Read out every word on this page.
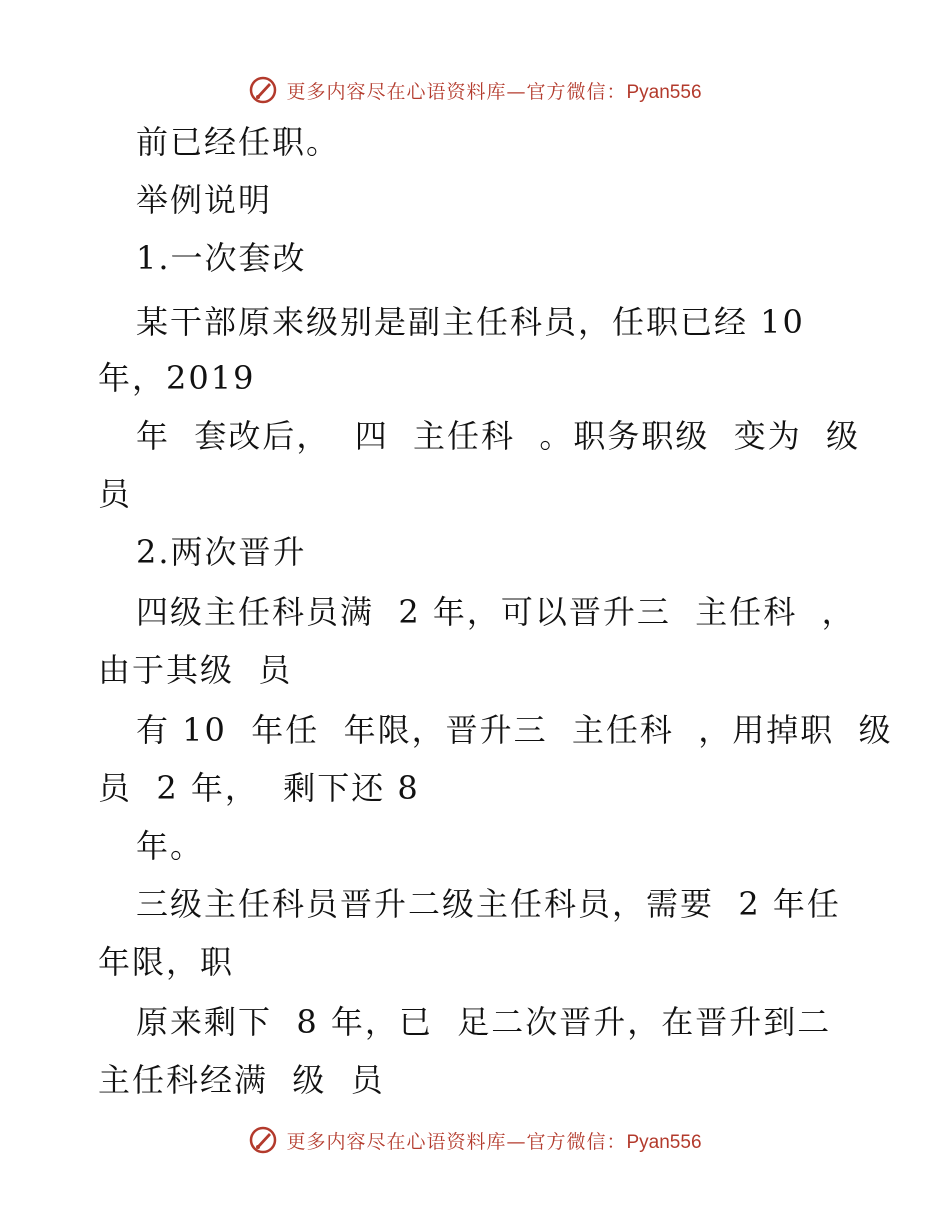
更多内容尽在心语资料库—官方微信：Pyan556
前已经任职。
举例说明
1.一次套改
某干部原来级别是副主任科员，任职已经 10
年，2019
年  套改后，  四  主任科  。职务职级  变为  级
员
2.两次晋升
四级主任科员满  2 年，可以晋升三  主任科  ，
由于其级  员
有 10  年任  年限，晋升三  主任科  ，用掉职  级
员  2 年，  剩下还 8
年。
三级主任科员晋升二级主任科员，需要  2 年任
年限，职
原来剩下  8 年，已  足二次晋升，在晋升到二
主任科经满  级  员
更多内容尽在心语资料库—官方微信：Pyan556
